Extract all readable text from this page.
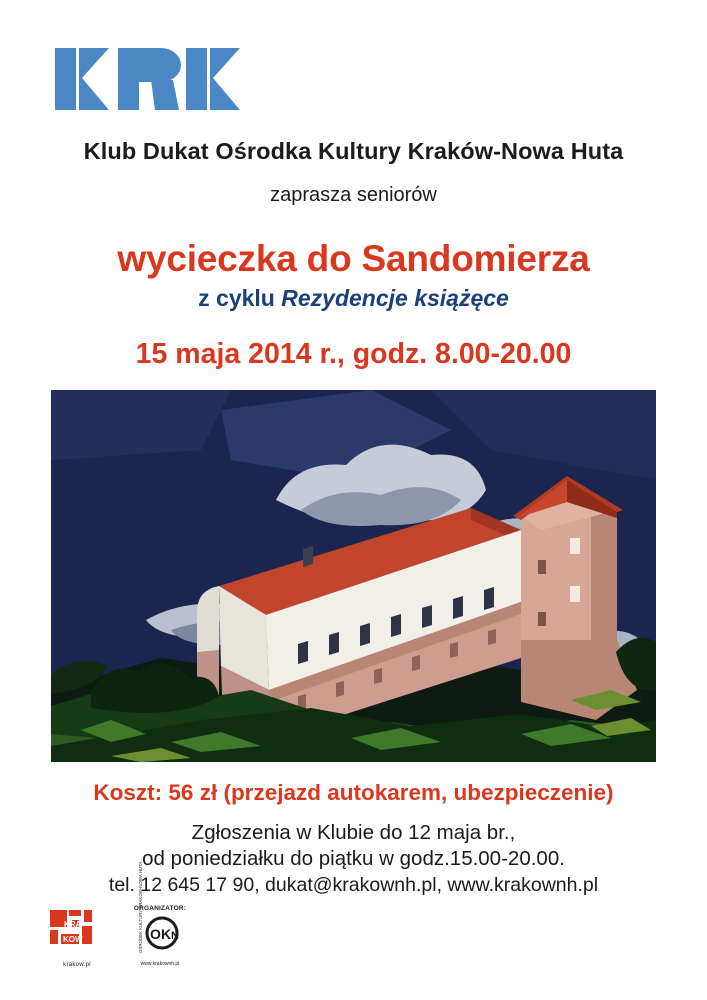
Klub Dukat Ośrodka Kultury Kraków-Nowa Huta
zaprasza seniorów
wycieczka do Sandomierza
z cyklu Rezydencje książęce
15 maja 2014 r., godz. 8.00-20.00
Koszt: 56 zł (przejazd autokarem, ubezpieczenie)
Zgłoszenia w Klubie do 12 maja br.,
od poniedziałku do piątku w godz.15.00-20.00.
tel. 12 645 17 90, dukat@krakownh.pl, www.krakownh.pl
KRA
KOW
krakow.pl
ORGANIZATOR:
O K N
OŚRODEK KULTURY KRAKÓW-NOWA HUTA
www.krakownh.pl
